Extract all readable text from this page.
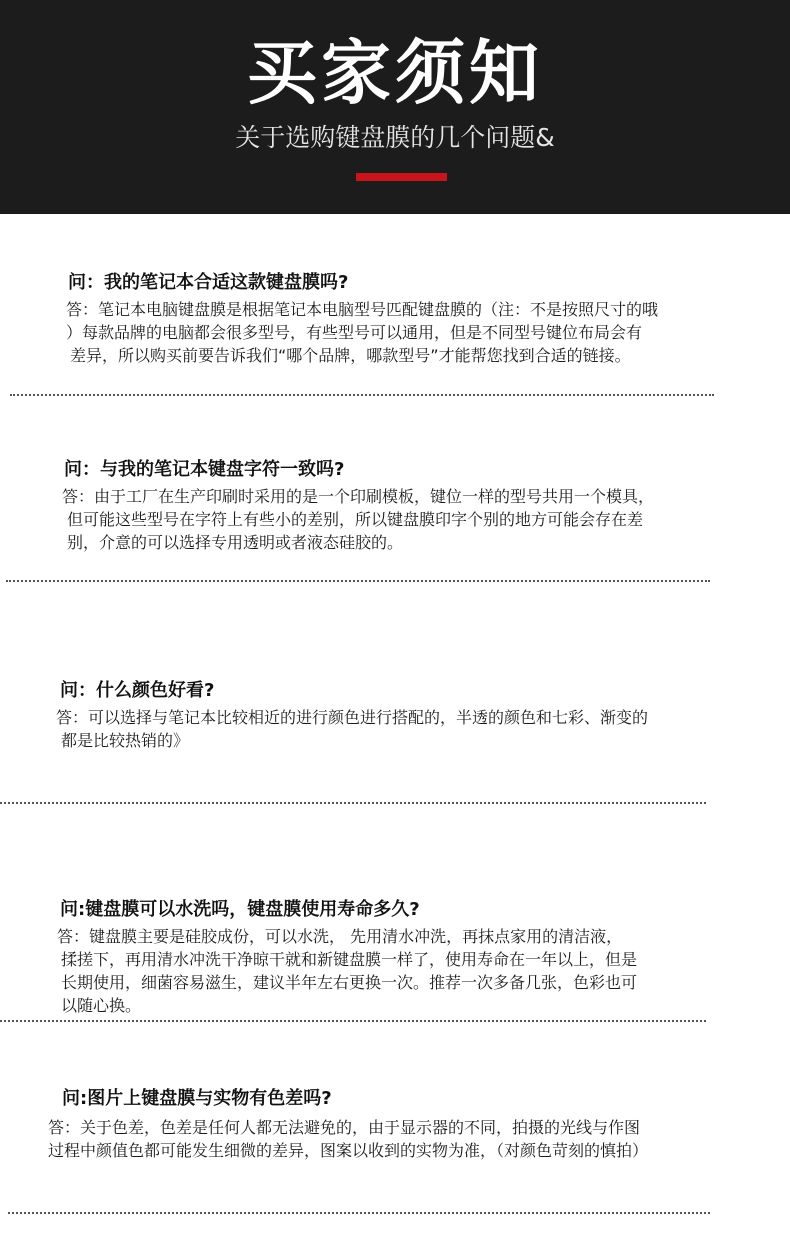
买家须知
关于选购键盘膜的几个问题&
问：我的笔记本合适这款键盘膜吗?
答：笔记本电脑键盘膜是根据笔记本电脑型号匹配键盘膜的（注：不是按照尺寸的哦
）每款品牌的电脑都会很多型号，有些型号可以通用，但是不同型号键位布局会有
差异，所以购买前要告诉我们“哪个品牌，哪款型号”才能帮您找到合适的链接。
问：与我的笔记本键盘字符一致吗?
答：由于工厂在生产印刷时采用的是一个印刷模板，键位一样的型号共用一个模具，
但可能这些型号在字符上有些小的差别，所以键盘膜印字个别的地方可能会存在差
别，介意的可以选择专用透明或者液态硅胶的。
问：什么颜色好看?
答：可以选择与笔记本比较相近的进行颜色进行搭配的，半透的颜色和七彩、渐变的
都是比较热销的》
问:键盘膜可以水洗吗，键盘膜使用寿命多久?
答：键盘膜主要是硅胶成份，可以水洗， 先用清水冲洗，再抹点家用的清洁液，
揉搓下，再用清水冲洗干净晾干就和新键盘膜一样了，使用寿命在一年以上，但是
长期使用，细菌容易滋生，建议半年左右更换一次。推荐一次多备几张，色彩也可
以随心换。
问:图片上键盘膜与实物有色差吗?
答：关于色差，色差是任何人都无法避免的，由于显示器的不同，拍摄的光线与作图
过程中颜值色都可能发生细微的差异，图案以收到的实物为准，（对颜色苛刻的慎拍）
